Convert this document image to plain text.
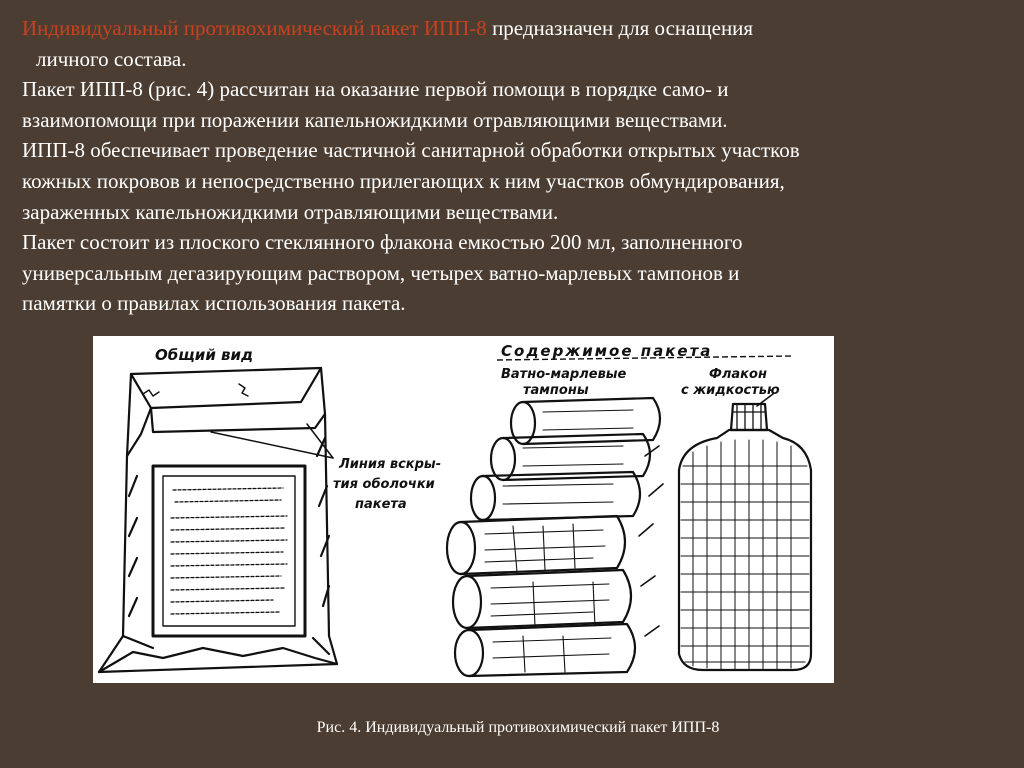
Индивидуальный противохимический пакет ИПП-8 предназначен для оснащения

личного состава.

Пакет ИПП-8 (рис. 4) рассчитан на оказание первой помощи в порядке само- и

взаимопомощи при поражении капельножидкими отравляющими веществами.

ИПП-8 обеспечивает проведение частичной санитарной обработки открытых участков

кожных покровов и непосредственно прилегающих к ним участков обмундирования,

зараженных капельножидкими отравляющими веществами.

Пакет состоит из плоского стеклянного флакона емкостью 200 мл, заполненного

универсальным дегазирующим раствором, четырех ватно-марлевых тампонов и

памятки о правилах использования пакета.

Общий вид	Содержимое пакета
Ватно-марлевые
тампоны
Флакон
с жидкостью
Линия вскры-
тия оболочки
пакета
Рис. 4. Индивидуальный противохимический пакет ИПП-8
